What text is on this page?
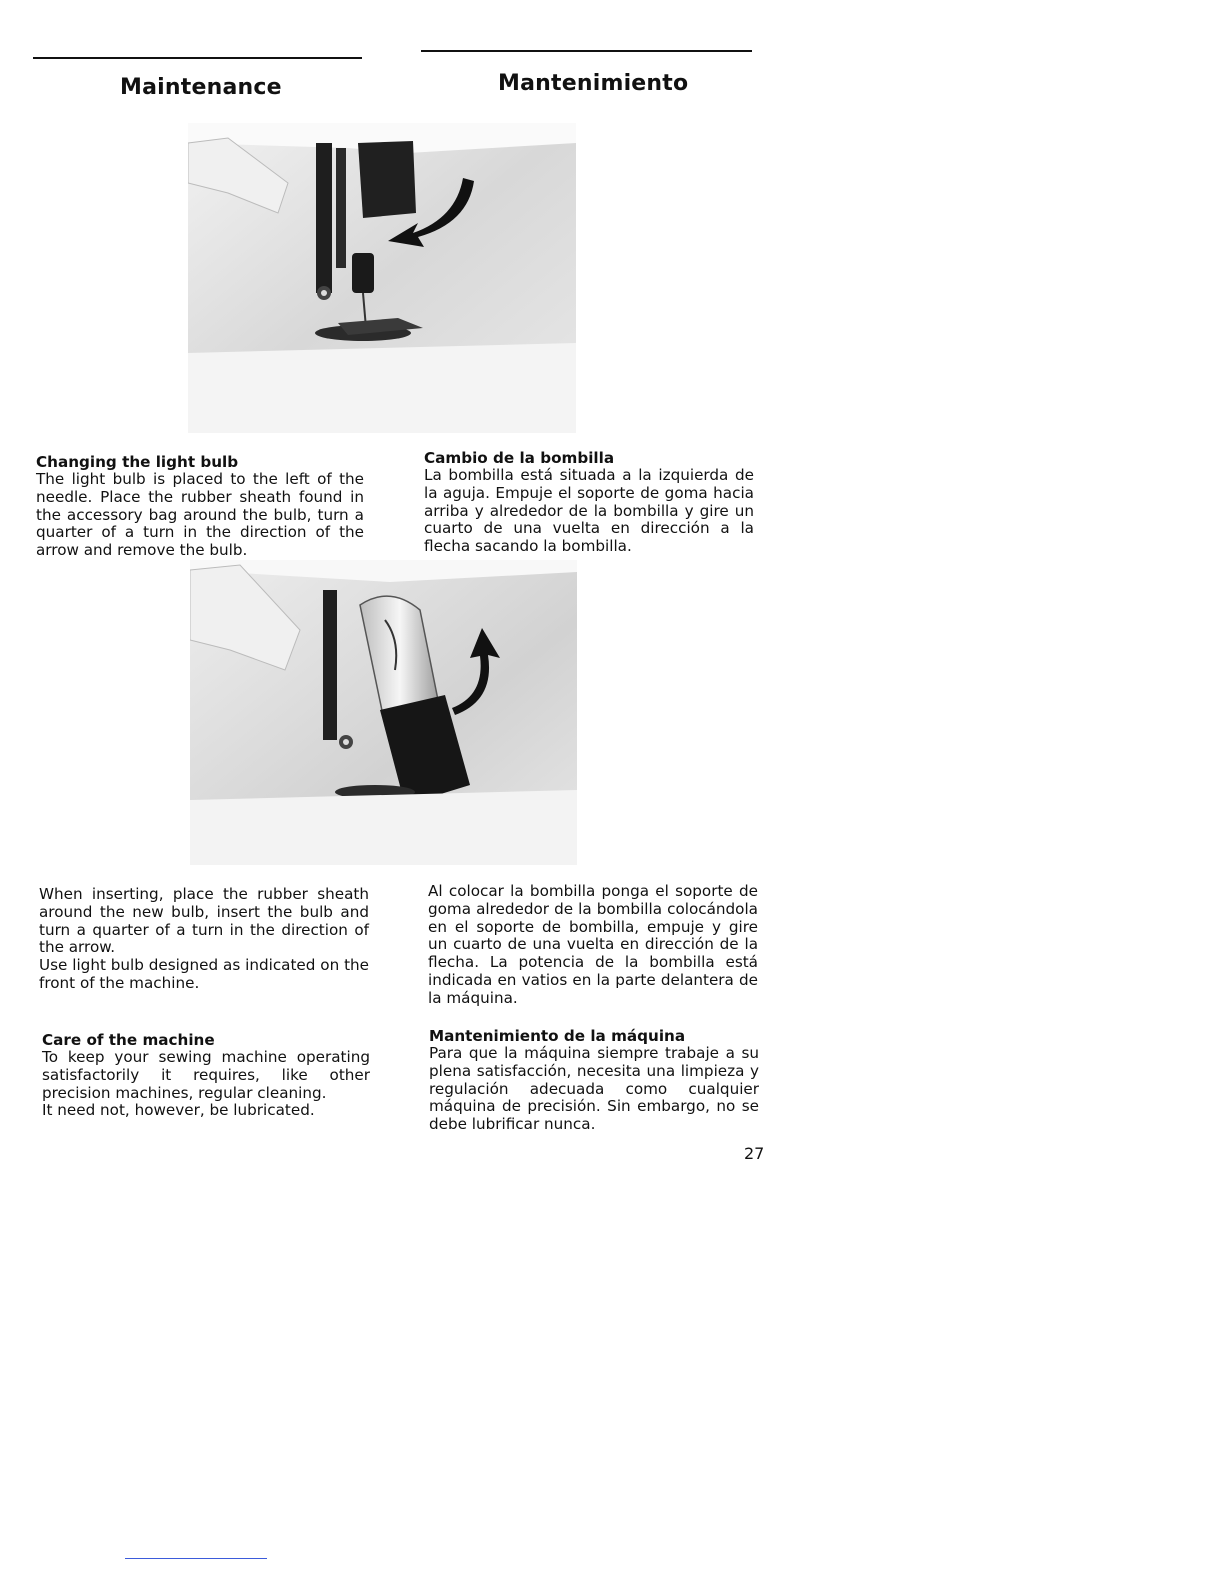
Maintenance	Mantenimiento
Changing the light bulb
The light bulb is placed to the left of the needle. Place the rubber sheath found in the accessory bag around the bulb, turn a quarter of a turn in the direction of the arrow and remove the bulb.
Cambio de la bombilla
La bombilla está situada a la izquierda de la aguja. Empuje el soporte de goma hacia arriba y alrededor de la bombilla y gire un cuarto de una vuelta en dirección a la flecha sacando la bombilla.
When inserting, place the rubber sheath around the new bulb, insert the bulb and turn a quarter of a turn in the direction of the arrow.
Use light bulb designed as indicated on the front of the machine.
Al colocar la bombilla ponga el soporte de goma alrededor de la bombilla colocándola en el soporte de bombilla, empuje y gire un cuarto de una vuelta en dirección de la flecha. La potencia de la bombilla está indicada en vatios en la parte delantera de la máquina.
Care of the machine
To keep your sewing machine operating satisfactorily it requires, like other precision machines, regular cleaning.
It need not, however, be lubricated.
Mantenimiento de la máquina
Para que la máquina siempre trabaje a su plena satisfacción, necesita una limpieza y regulación adecuada como cualquier máquina de precisión. Sin embargo, no se debe lubrificar nunca.
27
